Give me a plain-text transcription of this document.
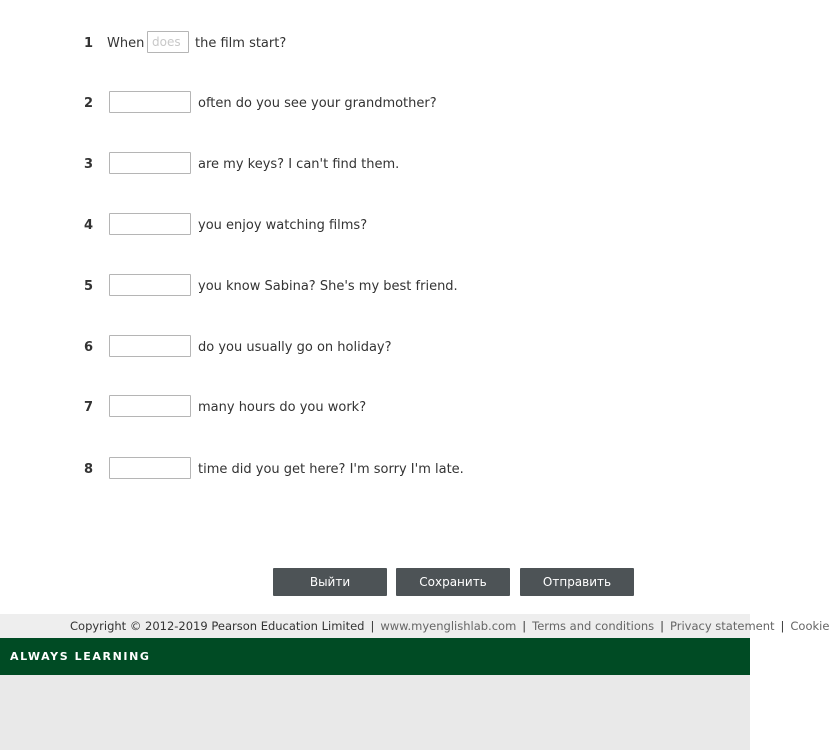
1 When
does	the film start?
2	often do you see your grandmother?
3	are my keys? I can't find them.
4	you enjoy watching films?
5	you know Sabina? She's my best friend.
6	do you usually go on holiday?
7	many hours do you work?
8	time did you get here? I'm sorry I'm late.
Выйти	Сохранить	Отправить
Copyright © 2012-2019 Pearson Education Limited | www.myenglishlab.com | Terms and conditions | Privacy statement | Cookie
ALWAYS LEARNING
